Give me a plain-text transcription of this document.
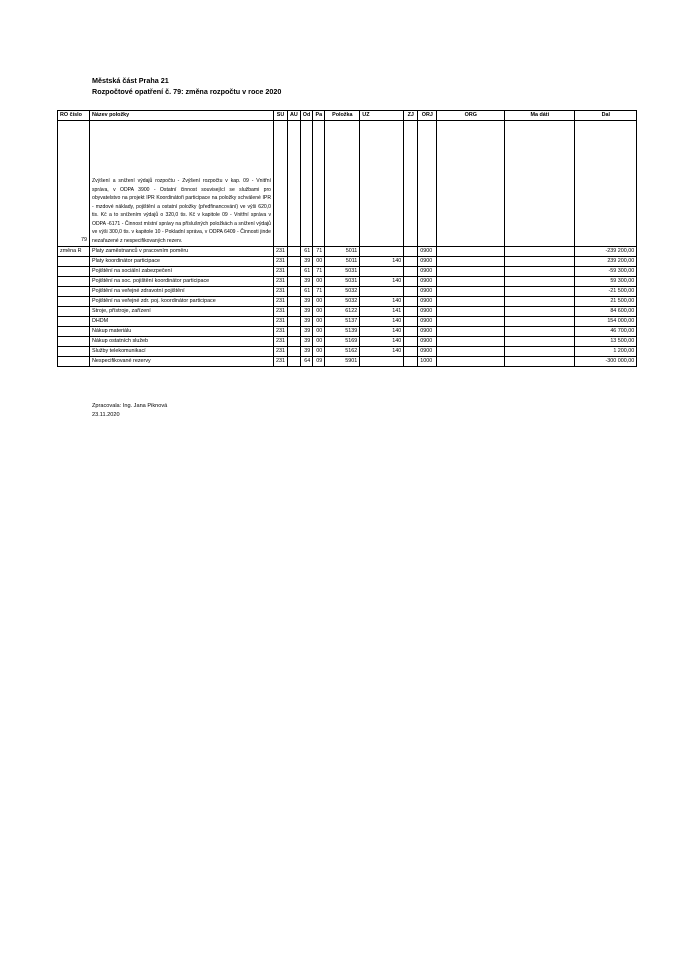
Městská část Praha 21
Rozpočtové opatření č. 79: změna rozpočtu v roce 2020
RO číslo	Název položky	SU	AU	Od	Pa	Položka	UZ	ZJ	ORJ	ORG	Ma dáti	Dal
79	Zvýšení a snížení výdajů rozpočtu - Zvýšení rozpočtu v kap. 09 - Vnitřní správa, v ODPA 3900 - Ostatní činnost související se službami pro obyvatelstvo na projekt IPR Koordinátoři participace na položky schválené IPR - mzdové náklady, pojištění a ostatní položky (předfinancování) ve výši 620,0 tis. Kč a to snížením výdajů o 320,0 tis. Kč v kapitole 09 - Vnitřní správa v ODPA -6171 - Činnost místní správy na příslušných položkách a snížení výdajů ve výši 300,0 tis. v kapitole 10 - Pokladní správa, v ODPA 6409 - Činnosti jinde nezařazené z nespecifikovaných rezerv.											
změna R	Platy zaměstnanců v pracovním poměru	231		61	71	5011			0900			-239 200,00
	Platy koordinátor participace	231		39	00	5011	140		0900			239 200,00
	Pojištění na sociální zabezpečení	231		61	71	5031			0900			-59 300,00
	Pojištění na soc. pojištění koordinátor participace	231		39	00	5031	140		0900			59 300,00
	Pojištění na veřejné zdravotní pojištění	231		61	71	5032			0900			-21 500,00
	Pojištění na veřejné zdr. poj. koordinátor participace	231		39	00	5032	140		0900			21 500,00
	Stroje, přístroje, zařízení	231		39	00	6122	141		0900			84 600,00
	DHDM	231		39	00	5137	140		0900			154 000,00
	Nákup materiálu	231		39	00	5139	140		0900			46 700,00
	Nákup ostatních služeb	231		39	00	5169	140		0900			13 500,00
	Služby telekomunikací	231		39	00	5162	140		0900			1 200,00
	Nespecifikované rezervy	231		64	09	5901			1000			-300 000,00
Zpracovala: Ing. Jana Piknová
23.11.2020
